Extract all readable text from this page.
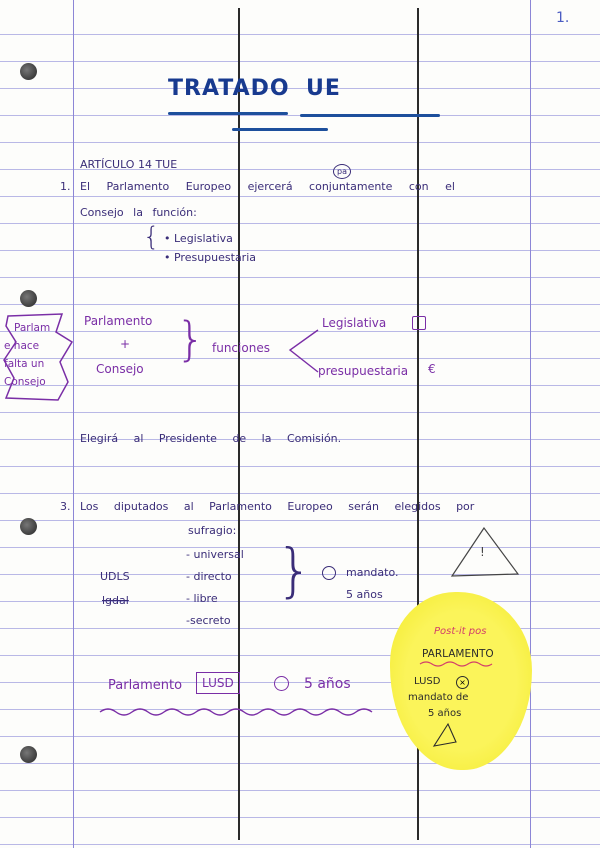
1.
TRATADO UE
ARTÍCULO 14 TUE
pa
1. El Parlamento Europeo ejercerá conjuntamente con el
Consejo la función:
{ • Legislativa
• Presupuestaria
Parlam
e hace
falta un
Consejo
Parlamento
+
Consejo
} funciones
Legislativa
presupuestaria €
Elegirá al Presidente de la Comisión.
3. Los diputados al Parlamento Europeo serán elegidos por
sufragio:
- universal
- directo
- libre
-secreto
UDLS
lgdal	}	mandato.
5 años
!
Parlamento	LUSD	5 años
Post-it pos
PARLAMENTO
LUSD	×
mandato de
5 años
